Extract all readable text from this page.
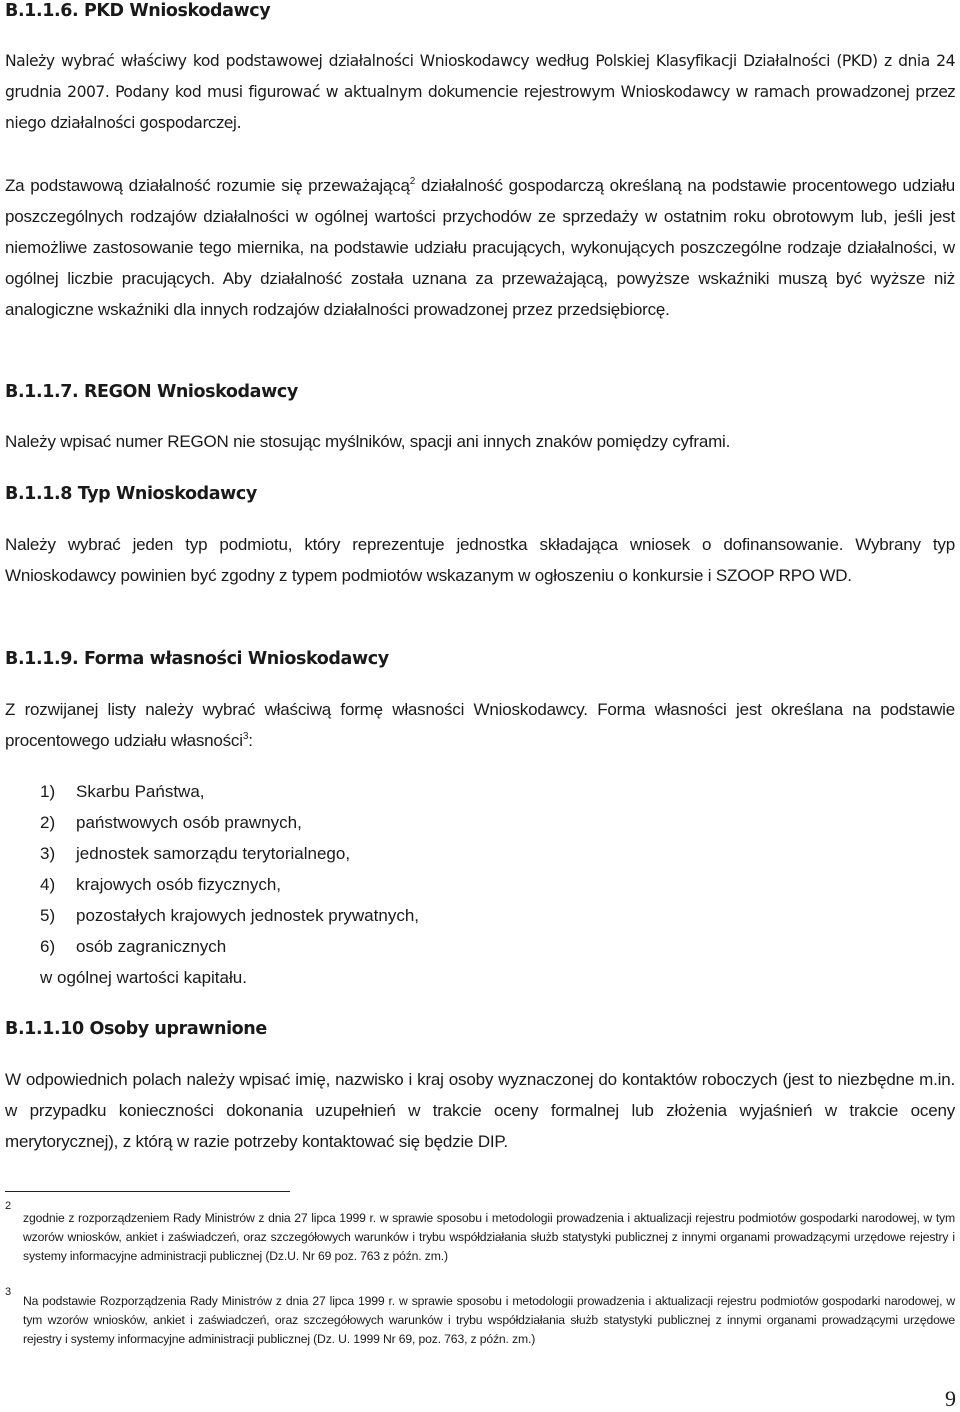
B.1.1.6. PKD Wnioskodawcy

Należy wybrać właściwy kod podstawowej działalności Wnioskodawcy według Polskiej Klasyfikacji Działalności (PKD) z dnia 24 grudnia 2007. Podany kod musi figurować w aktualnym dokumencie rejestrowym Wnioskodawcy w ramach prowadzonej przez niego działalności gospodarczej.

Za podstawową działalność rozumie się przeważającą$^2$ działalność gospodarczą określaną na podstawie procentowego udziału poszczególnych rodzajów działalności w ogólnej wartości przychodów ze sprzedaży w ostatnim roku obrotowym lub, jeśli jest niemożliwe zastosowanie tego miernika, na podstawie udziału pracujących, wykonujących poszczególne rodzaje działalności, w ogólnej liczbie pracujących. Aby działalność została uznana za przeważającą, powyższe wskaźniki muszą być wyższe niż analogiczne wskaźniki dla innych rodzajów działalności prowadzonej przez przedsiębiorcę.

B.1.1.7. REGON Wnioskodawcy

Należy wpisać numer REGON nie stosując myślników, spacji ani innych znaków pomiędzy cyframi.

B.1.1.8 Typ Wnioskodawcy

Należy wybrać jeden typ podmiotu, który reprezentuje jednostka składająca wniosek o dofinansowanie. Wybrany typ Wnioskodawcy powinien być zgodny z typem podmiotów wskazanym w ogłoszeniu o konkursie i SZOOP RPO WD.

B.1.1.9. Forma własności Wnioskodawcy

Z rozwijanej listy należy wybrać właściwą formę własności Wnioskodawcy. Forma własności jest określana na podstawie procentowego udziału własności$^3$:

1)	Skarbu Państwa,
2)	państwowych osób prawnych,
3)	jednostek samorządu terytorialnego,
4)	krajowych osób fizycznych,
5)	pozostałych krajowych jednostek prywatnych,
6)	osób zagranicznych
w ogólnej wartości kapitału.
B.1.1.10 Osoby uprawnione

W odpowiednich polach należy wpisać imię, nazwisko i kraj osoby wyznaczonej do kontaktów roboczych (jest to niezbędne m.in. w przypadku konieczności dokonania uzupełnień w trakcie oceny formalnej lub złożenia wyjaśnień w trakcie oceny merytorycznej), z którą w razie potrzeby kontaktować się będzie DIP.

2
zgodnie z rozporządzeniem Rady Ministrów z dnia 27 lipca 1999 r. w sprawie sposobu i metodologii prowadzenia i aktualizacji rejestru podmiotów gospodarki narodowej, w tym wzorów wniosków, ankiet i zaświadczeń, oraz szczegółowych warunków i trybu współdziałania służb statystyki publicznej z innymi organami prowadzącymi urzędowe rejestry i systemy informacyjne administracji publicznej (Dz.U. Nr 69 poz. 763 z późn. zm.)
3
Na podstawie Rozporządzenia Rady Ministrów z dnia 27 lipca 1999 r. w sprawie sposobu i metodologii prowadzenia i aktualizacji rejestru podmiotów gospodarki narodowej, w tym wzorów wniosków, ankiet i zaświadczeń, oraz szczegółowych warunków i trybu współdziałania służb statystyki publicznej z innymi organami prowadzącymi urzędowe rejestry i systemy informacyjne administracji publicznej (Dz. U. 1999 Nr 69, poz. 763, z późn. zm.)
9
